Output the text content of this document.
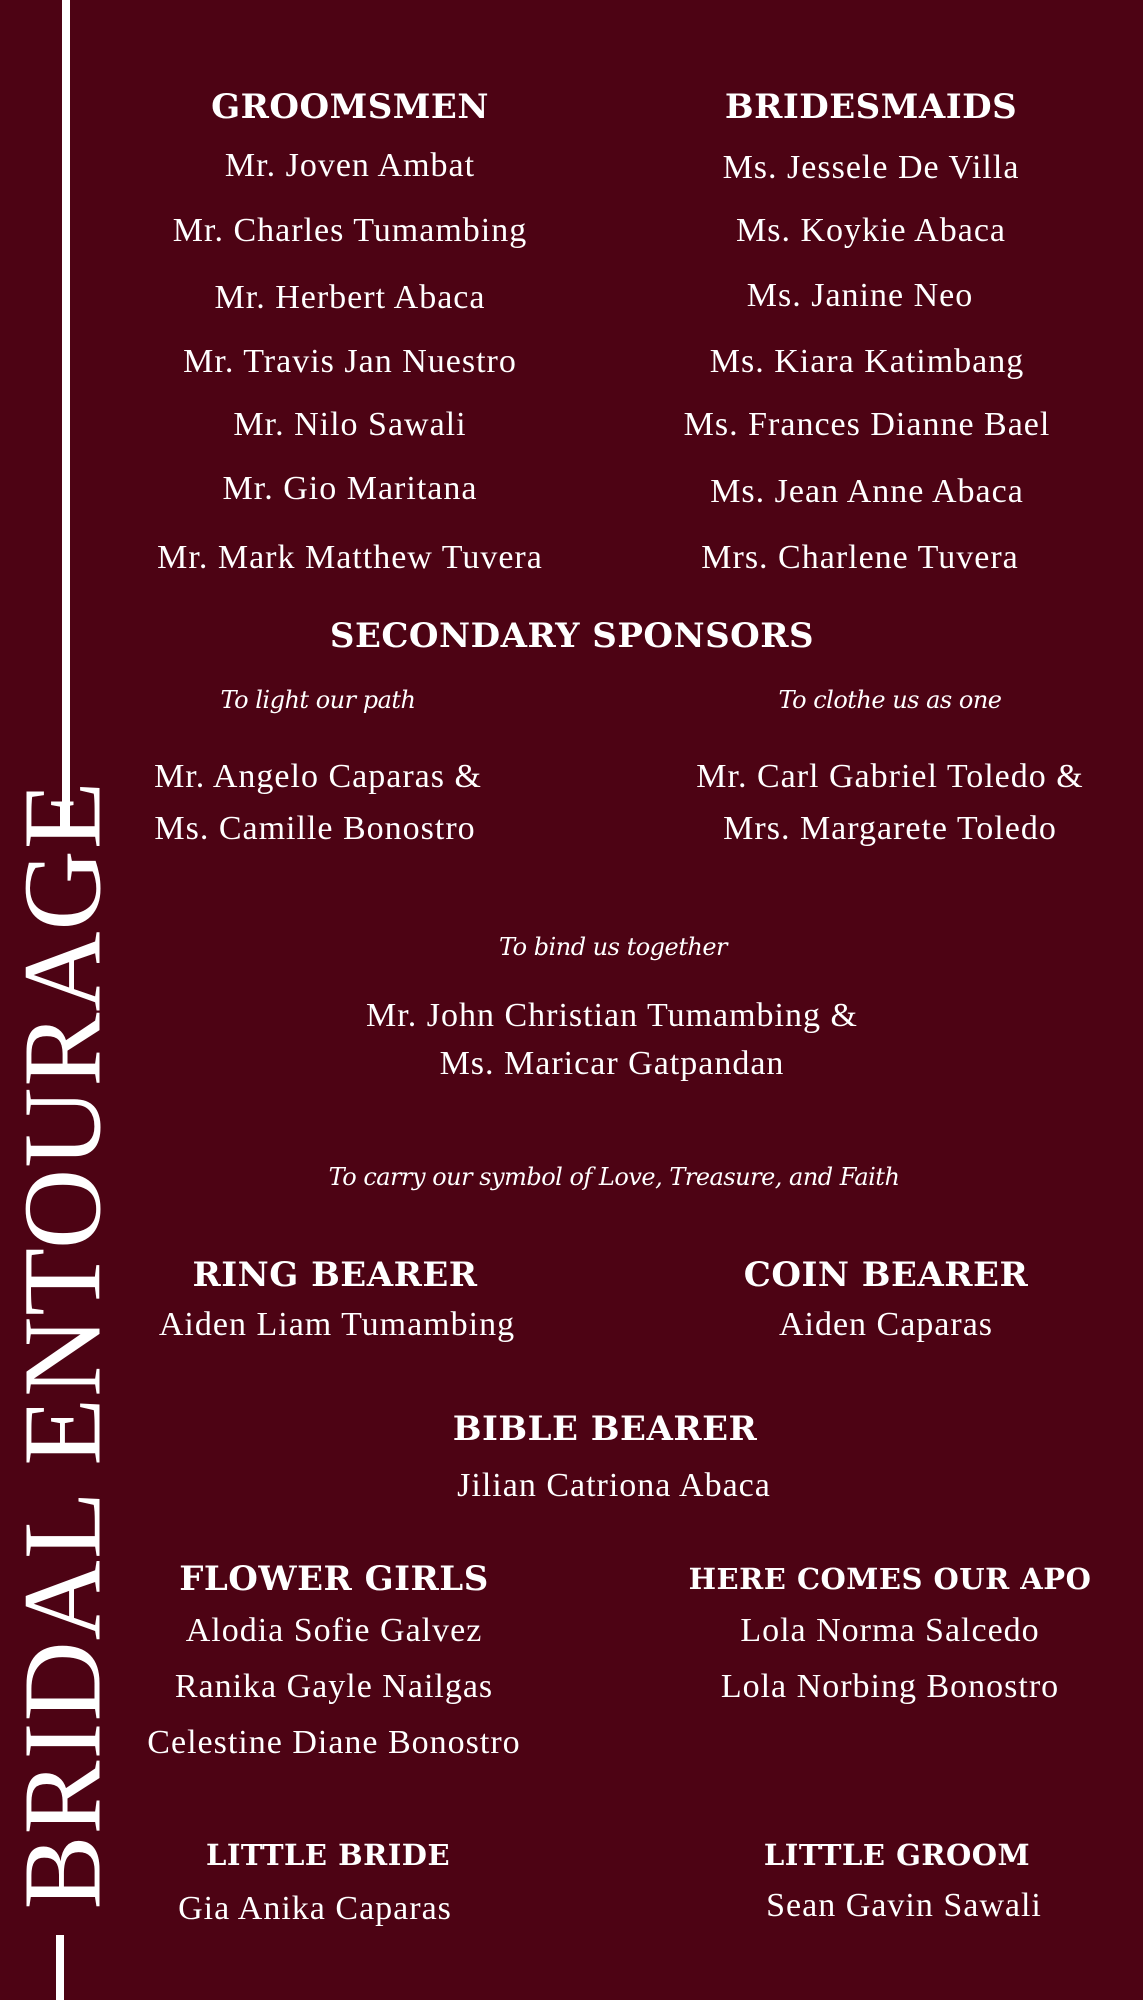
BRIDAL ENTOURAGE
GROOMSMEN
Mr. Joven Ambat
Mr. Charles Tumambing
Mr. Herbert Abaca
Mr. Travis Jan Nuestro
Mr. Nilo Sawali
Mr. Gio Maritana
Mr. Mark Matthew Tuvera
BRIDESMAIDS
Ms. Jessele De Villa
Ms. Koykie Abaca
Ms. Janine Neo
Ms. Kiara Katimbang
Ms. Frances Dianne Bael
Ms. Jean Anne Abaca
Mrs. Charlene Tuvera
SECONDARY SPONSORS
To light our path
Mr. Angelo Caparas &
Ms. Camille Bonostro
To clothe us as one
Mr. Carl Gabriel Toledo &
Mrs. Margarete Toledo
To bind us together
Mr. John Christian Tumambing &
Ms. Maricar Gatpandan
To carry our symbol of Love, Treasure, and Faith
RING BEARER
Aiden Liam Tumambing
COIN BEARER
Aiden Caparas
BIBLE BEARER
Jilian Catriona Abaca
FLOWER GIRLS
Alodia Sofie Galvez
Ranika Gayle Nailgas
Celestine Diane Bonostro
HERE COMES OUR APO
Lola Norma Salcedo
Lola Norbing Bonostro
LITTLE BRIDE
Gia Anika Caparas
LITTLE GROOM
Sean Gavin Sawali
